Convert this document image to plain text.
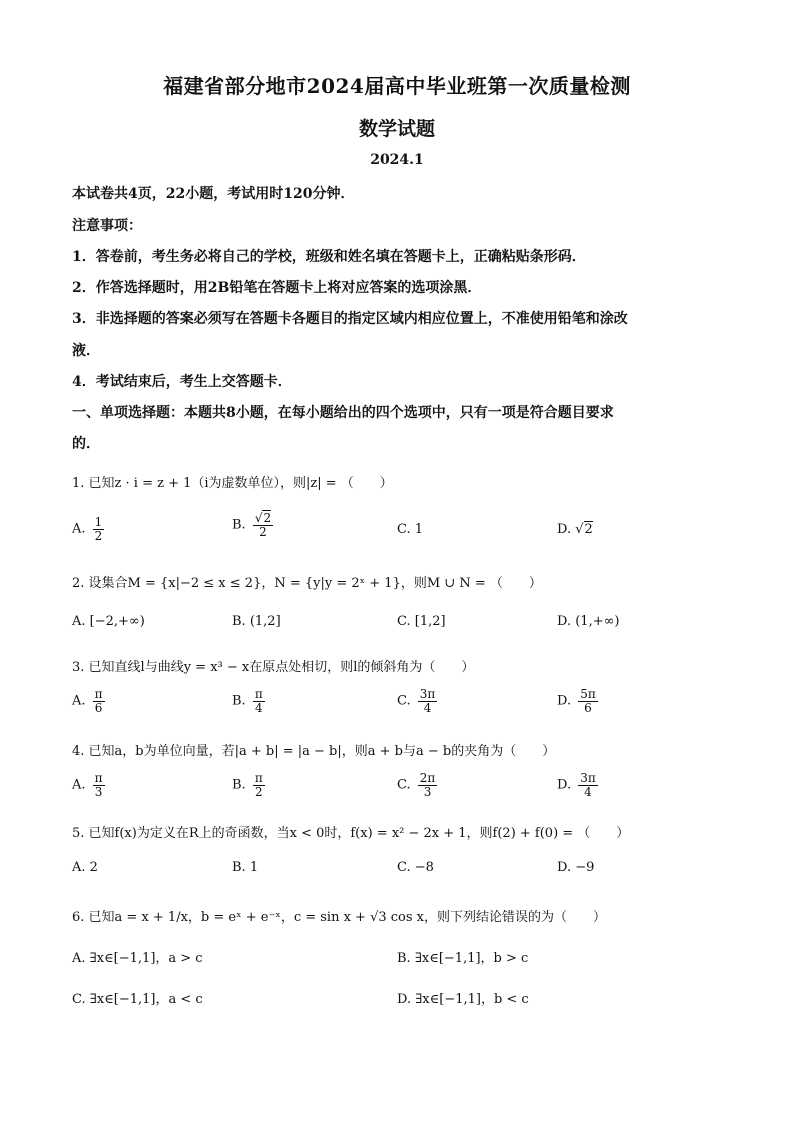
福建省部分地市2024届高中毕业班第一次质量检测
数学试题
2024.1
本试卷共4页，22小题，考试用时120分钟．
注意事项：
1．答卷前，考生务必将自己的学校，班级和姓名填在答题卡上，正确粘贴条形码．
2．作答选择题时，用2B铅笔在答题卡上将对应答案的选项涂黑．
3．非选择题的答案必须写在答题卡各题目的指定区域内相应位置上，不准使用铅笔和涂改
液．
4．考试结束后，考生上交答题卡．
一、单项选择题：本题共8小题，在每小题给出的四个选项中，只有一项是符合题目要求
的．
1. 已知z · i = z + 1（i为虚数单位），则|z| = （　　）
A. $\frac{1}{2}$	B. $\frac{√2}{2}$	C. 1	D. √2
2. 设集合M = {x|−2 ≤ x ≤ 2}，N = {y|y = 2ˣ + 1}，则M ∪ N = （　　）
A. [−2,+∞)	B. (1,2]	C. [1,2]	D. (1,+∞)
3. 已知直线l与曲线y = x³ − x在原点处相切，则l的倾斜角为（　　）
A. $\frac{\pi}{6}$	B. $\frac{\pi}{4}$	C. $\frac{3\pi}{4}$	D. $\frac{5\pi}{6}$
4. 已知a，b为单位向量，若|a + b| = |a − b|，则a + b与a − b的夹角为（　　）
A. $\frac{\pi}{3}$	B. $\frac{\pi}{2}$	C. $\frac{2\pi}{3}$	D. $\frac{3\pi}{4}$
5. 已知f(x)为定义在R上的奇函数，当x < 0时，f(x) = x² − 2x + 1，则f(2) + f(0) = （　　）
A. 2	B. 1	C. −8	D. −9
6. 已知a = x + 1/x，b = eˣ + e⁻ˣ，c = sin x + √3 cos x，则下列结论错误的为（　　）
A. ∃x∈[−1,1]，a > c	B. ∃x∈[−1,1]，b > c
C. ∃x∈[−1,1]，a < c	D. ∃x∈[−1,1]，b < c
